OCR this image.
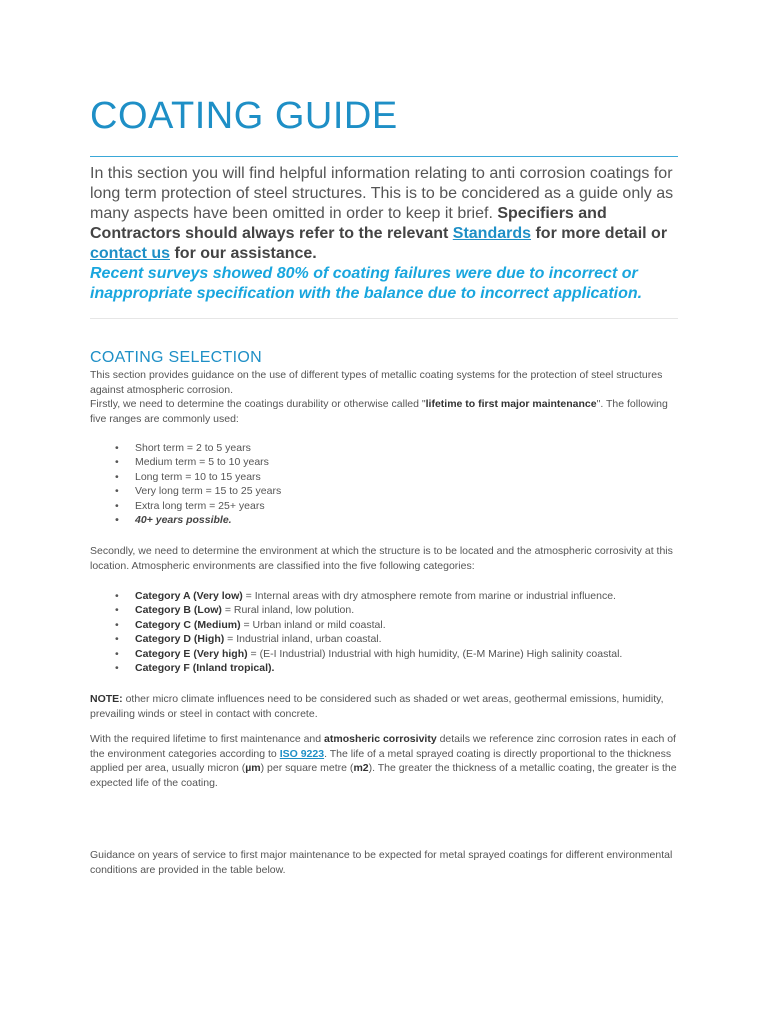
COATING GUIDE

In this section you will find helpful information relating to anti corrosion coatings for long term protection of steel structures. This is to be concidered as a guide only as many aspects have been omitted in order to keep it brief. Specifiers and Contractors should always refer to the relevant Standards for more detail or contact us for our assistance.
Recent surveys showed 80% of coating failures were due to incorrect or inappropriate specification with the balance due to incorrect application.

COATING SELECTION

This section provides guidance on the use of different types of metallic coating systems for the protection of steel structures against atmospheric corrosion.
Firstly, we need to determine the coatings durability or otherwise called "lifetime to first major maintenance". The following five ranges are commonly used:

• Short term = 2 to 5 years
• Medium term = 5 to 10 years
• Long term = 10 to 15 years
• Very long term = 15 to 25 years
• Extra long term = 25+ years
• 40+ years possible.

Secondly, we need to determine the environment at which the structure is to be located and the atmospheric corrosivity at this location. Atmospheric environments are classified into the five following categories:

• Category A (Very low) = Internal areas with dry atmosphere remote from marine or industrial influence.
• Category B (Low) = Rural inland, low polution.
• Category C (Medium) = Urban inland or mild coastal.
• Category D (High) = Industrial inland, urban coastal.
• Category E (Very high) = (E-I Industrial) Industrial with high humidity, (E-M Marine) High salinity coastal.
• Category F (Inland tropical).

NOTE: other micro climate influences need to be considered such as shaded or wet areas, geothermal emissions, humidity, prevailing winds or steel in contact with concrete.

With the required lifetime to first maintenance and atmosheric corrosivity details we reference zinc corrosion rates in each of the environment categories according to ISO 9223. The life of a metal sprayed coating is directly proportional to the thickness applied per area, usually micron (µm) per square metre (m2). The greater the thickness of a metallic coating, the greater is the expected life of the coating.

Guidance on years of service to first major maintenance to be expected for metal sprayed coatings for different environmental conditions are provided in the table below.
